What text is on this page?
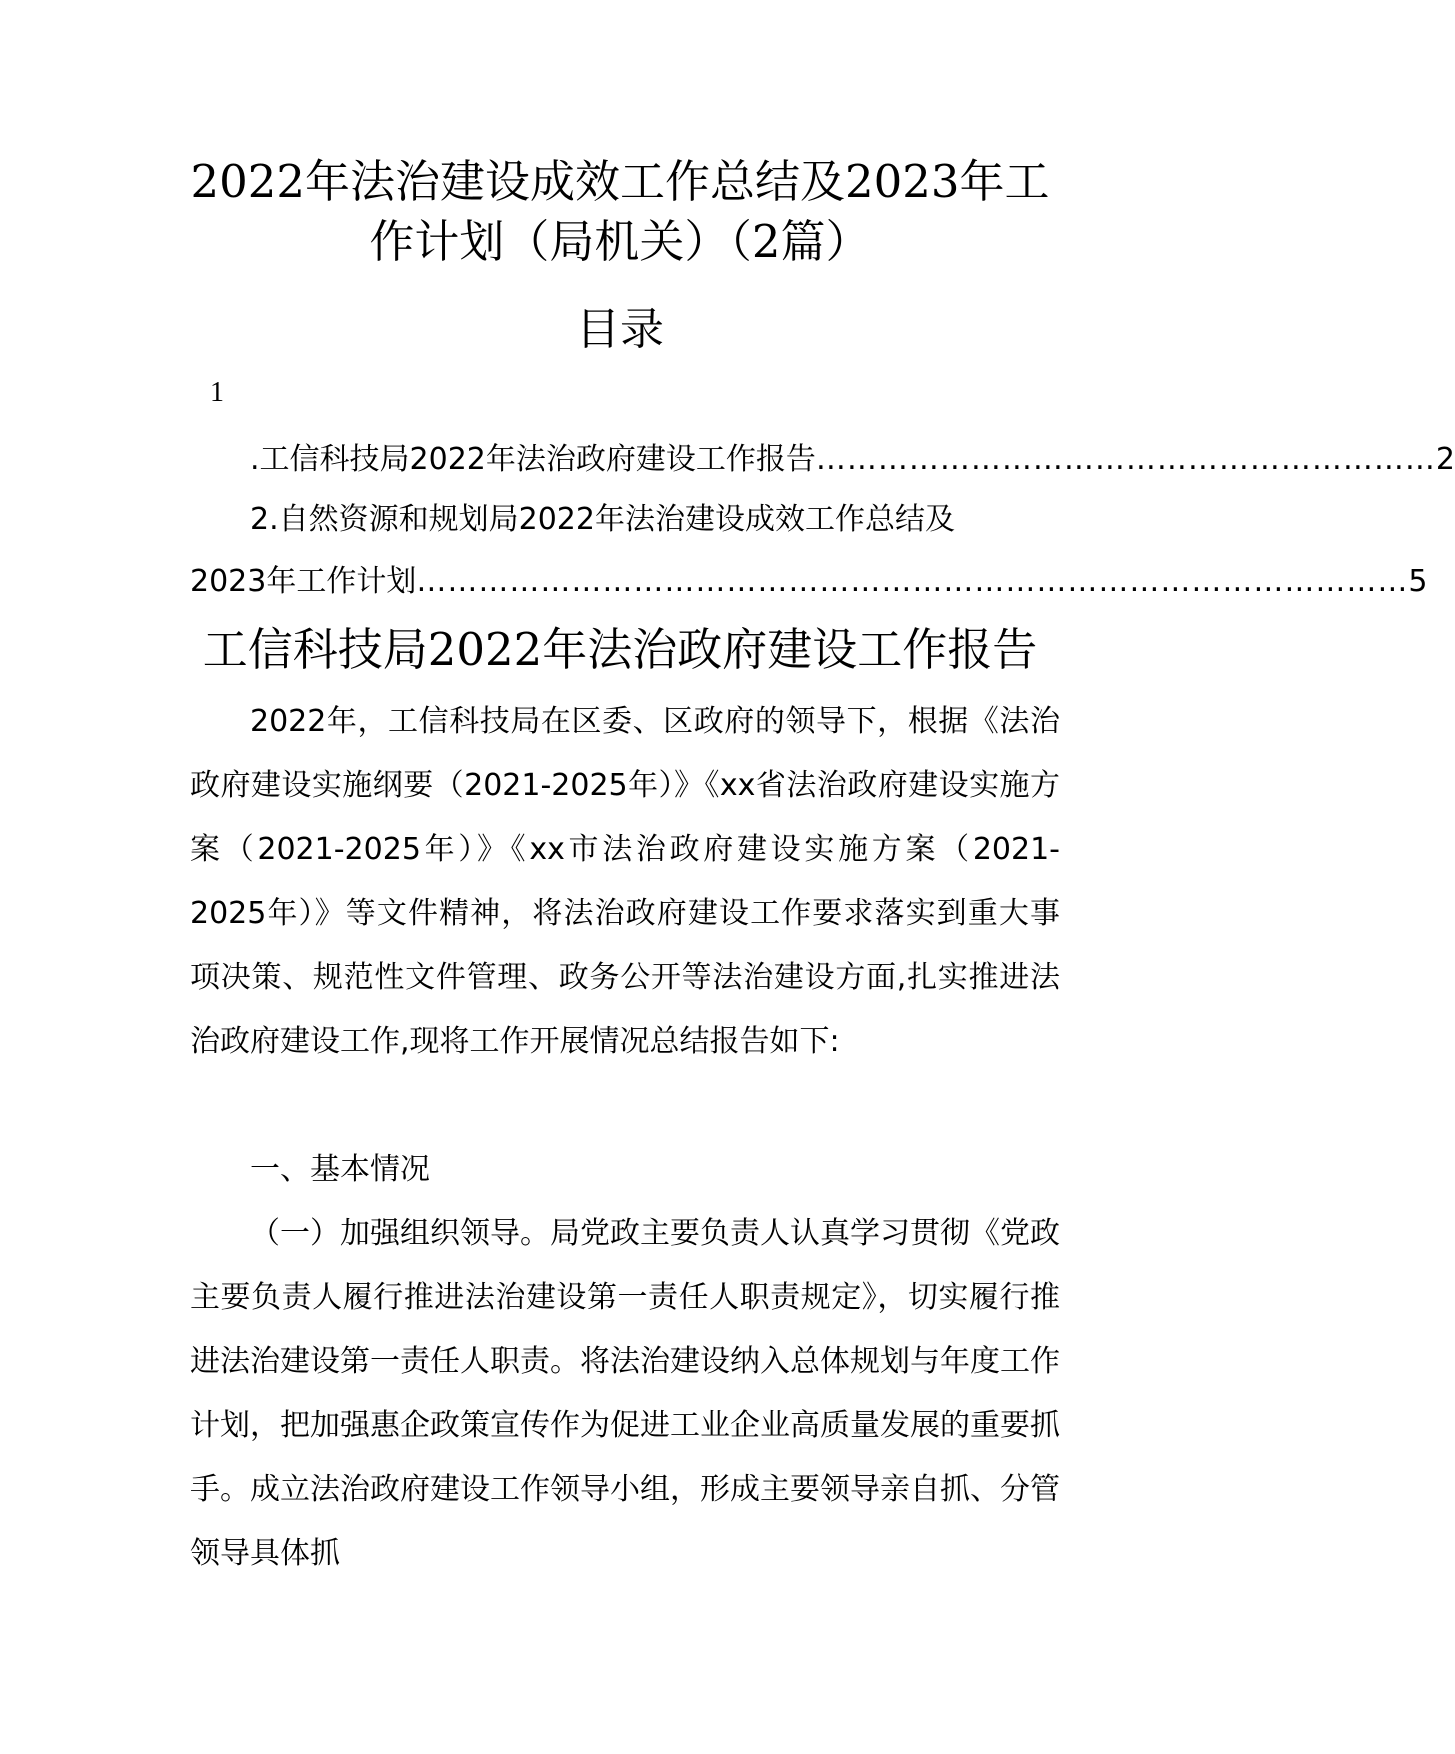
2022年法治建设成效工作总结及2023年工
作计划（局机关）（2篇）
目录
1
.工信科技局2022年法治政府建设工作报告 …………………………………………………… 2
2.自然资源和规划局2022年法治建设成效工作总结及
2023年工作计划 …………………………………………………………………………………… 5
工信科技局2022年法治政府建设工作报告

2022年，工信科技局在区委、区政府的领导下，根据《法治政府建设实施纲要（2021-2025年）》《xx省法治政府建设实施方案（2021-2025年）》《xx市法治政府建设实施方案（2021-2025年）》等文件精神，将法治政府建设工作要求落实到重大事项决策、规范性文件管理、政务公开等法治建设方面,扎实推进法治政府建设工作,现将工作开展情况总结报告如下:

一、基本情况

（一）加强组织领导。局党政主要负责人认真学习贯彻《党政主要负责人履行推进法治建设第一责任人职责规定》，切实履行推进法治建设第一责任人职责。将法治建设纳入总体规划与年度工作计划，把加强惠企政策宣传作为促进工业企业高质量发展的重要抓手。成立法治政府建设工作领导小组，形成主要领导亲自抓、分管领导具体抓
